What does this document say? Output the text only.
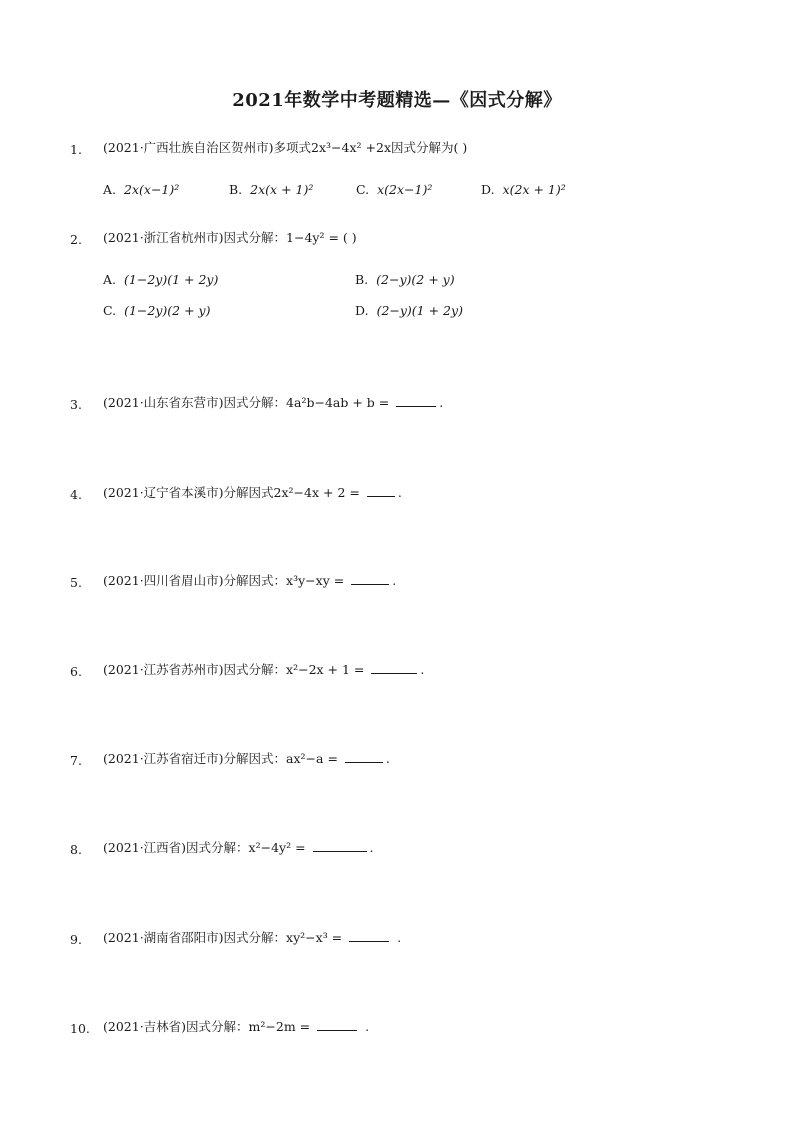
2021年数学中考题精选—《因式分解》
1.	(2021·广西壮族自治区贺州市)多项式2x³−4x² +2x因式分解为( )
A. 2x(x−1)²	B. 2x(x + 1)²	C. x(2x−1)²	D. x(2x + 1)²
2.	(2021·浙江省杭州市)因式分解：1−4y² = ( )
A. (1−2y)(1 + 2y)	B. (2−y)(2 + y)
C. (1−2y)(2 + y)	D. (2−y)(1 + 2y)
3.	(2021·山东省东营市)因式分解：4a²b−4ab + b =	.
4.	(2021·辽宁省本溪市)分解因式2x²−4x + 2 =	.
5.	(2021·四川省眉山市)分解因式：x³y−xy =	.
6.	(2021·江苏省苏州市)因式分解：x²−2x + 1 =	.
7.	(2021·江苏省宿迁市)分解因式：ax²−a =	.
8.	(2021·江西省)因式分解：x²−4y² =	.
9.	(2021·湖南省邵阳市)因式分解：xy²−x³ =	.
10.	(2021·吉林省)因式分解：m²−2m =	.
